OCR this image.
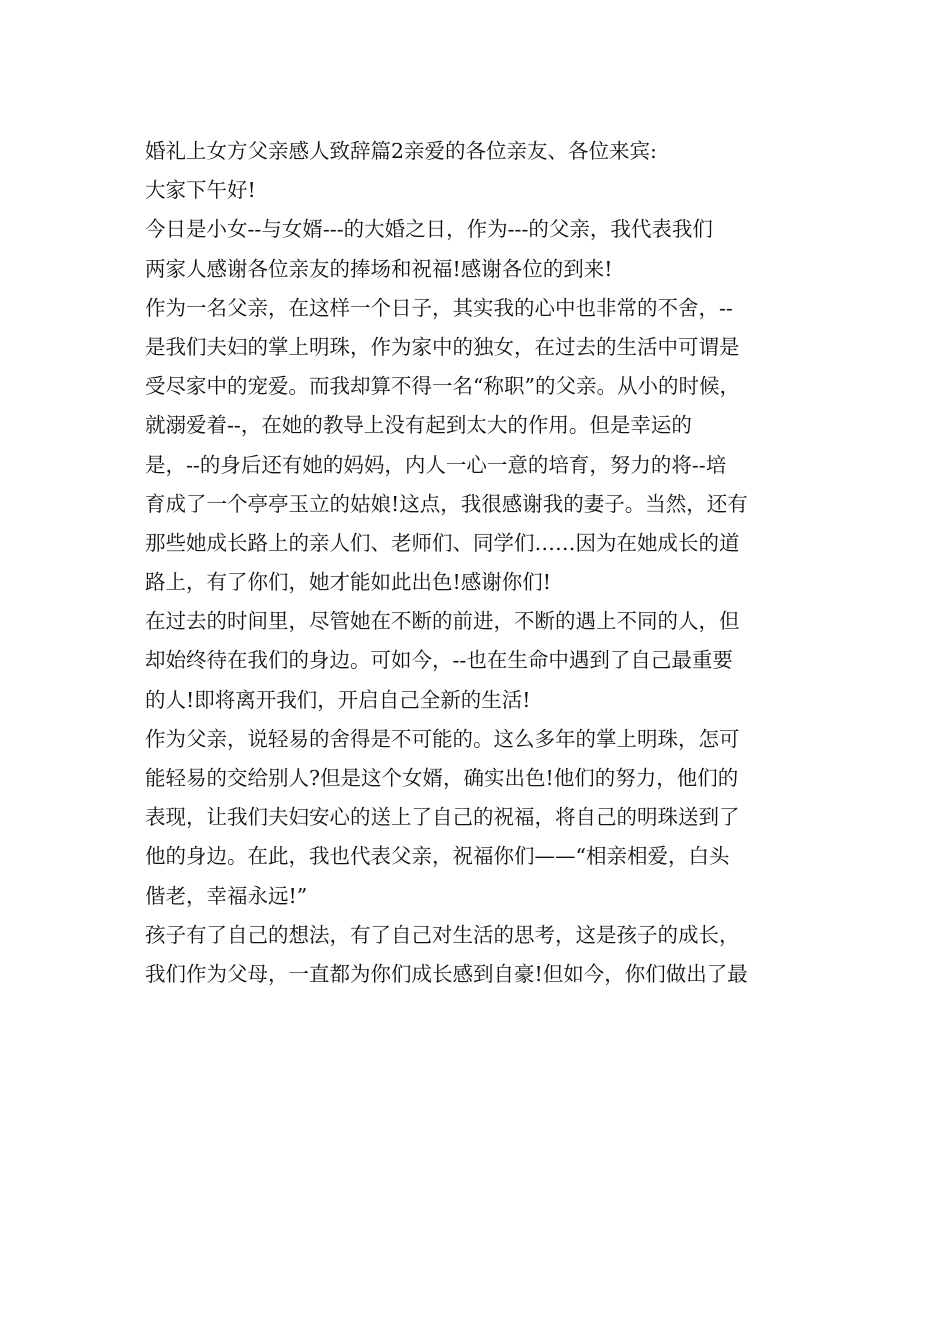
婚礼上女方父亲感人致辞篇2亲爱的各位亲友、各位来宾:
大家下午好!
今日是小女--与女婿---的大婚之日，作为---的父亲，我代表我们
两家人感谢各位亲友的捧场和祝福!感谢各位的到来!
作为一名父亲，在这样一个日子，其实我的心中也非常的不舍，--
是我们夫妇的掌上明珠，作为家中的独女，在过去的生活中可谓是
受尽家中的宠爱。而我却算不得一名“称职”的父亲。从小的时候，
就溺爱着--，在她的教导上没有起到太大的作用。但是幸运的
是，--的身后还有她的妈妈，内人一心一意的培育，努力的将--培
育成了一个亭亭玉立的姑娘!这点，我很感谢我的妻子。当然，还有
那些她成长路上的亲人们、老师们、同学们……因为在她成长的道
路上，有了你们，她才能如此出色!感谢你们!
在过去的时间里，尽管她在不断的前进，不断的遇上不同的人，但
却始终待在我们的身边。可如今，--也在生命中遇到了自己最重要
的人!即将离开我们，开启自己全新的生活!
作为父亲，说轻易的舍得是不可能的。这么多年的掌上明珠，怎可
能轻易的交给别人?但是这个女婿，确实出色!他们的努力，他们的
表现，让我们夫妇安心的送上了自己的祝福，将自己的明珠送到了
他的身边。在此，我也代表父亲，祝福你们——“相亲相爱，白头
偕老，幸福永远!”
孩子有了自己的想法，有了自己对生活的思考，这是孩子的成长，
我们作为父母，一直都为你们成长感到自豪!但如今，你们做出了最
